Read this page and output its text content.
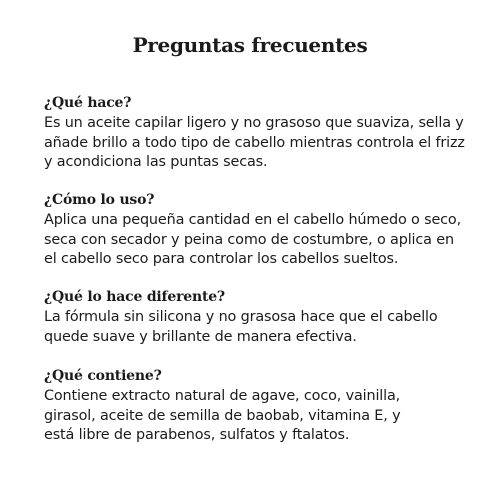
Preguntas frecuentes
¿Qué hace?

Es un aceite capilar ligero y no grasoso que suaviza, sella y
añade brillo a todo tipo de cabello mientras controla el frizz
y acondiciona las puntas secas.

¿Cómo lo uso?

Aplica una pequeña cantidad en el cabello húmedo o seco,
seca con secador y peina como de costumbre, o aplica en
el cabello seco para controlar los cabellos sueltos.

¿Qué lo hace diferente?

La fórmula sin silicona y no grasosa hace que el cabello
quede suave y brillante de manera efectiva.

¿Qué contiene?

Contiene extracto natural de agave, coco, vainilla,
girasol, aceite de semilla de baobab, vitamina E, y
está libre de parabenos, sulfatos y ftalatos.
